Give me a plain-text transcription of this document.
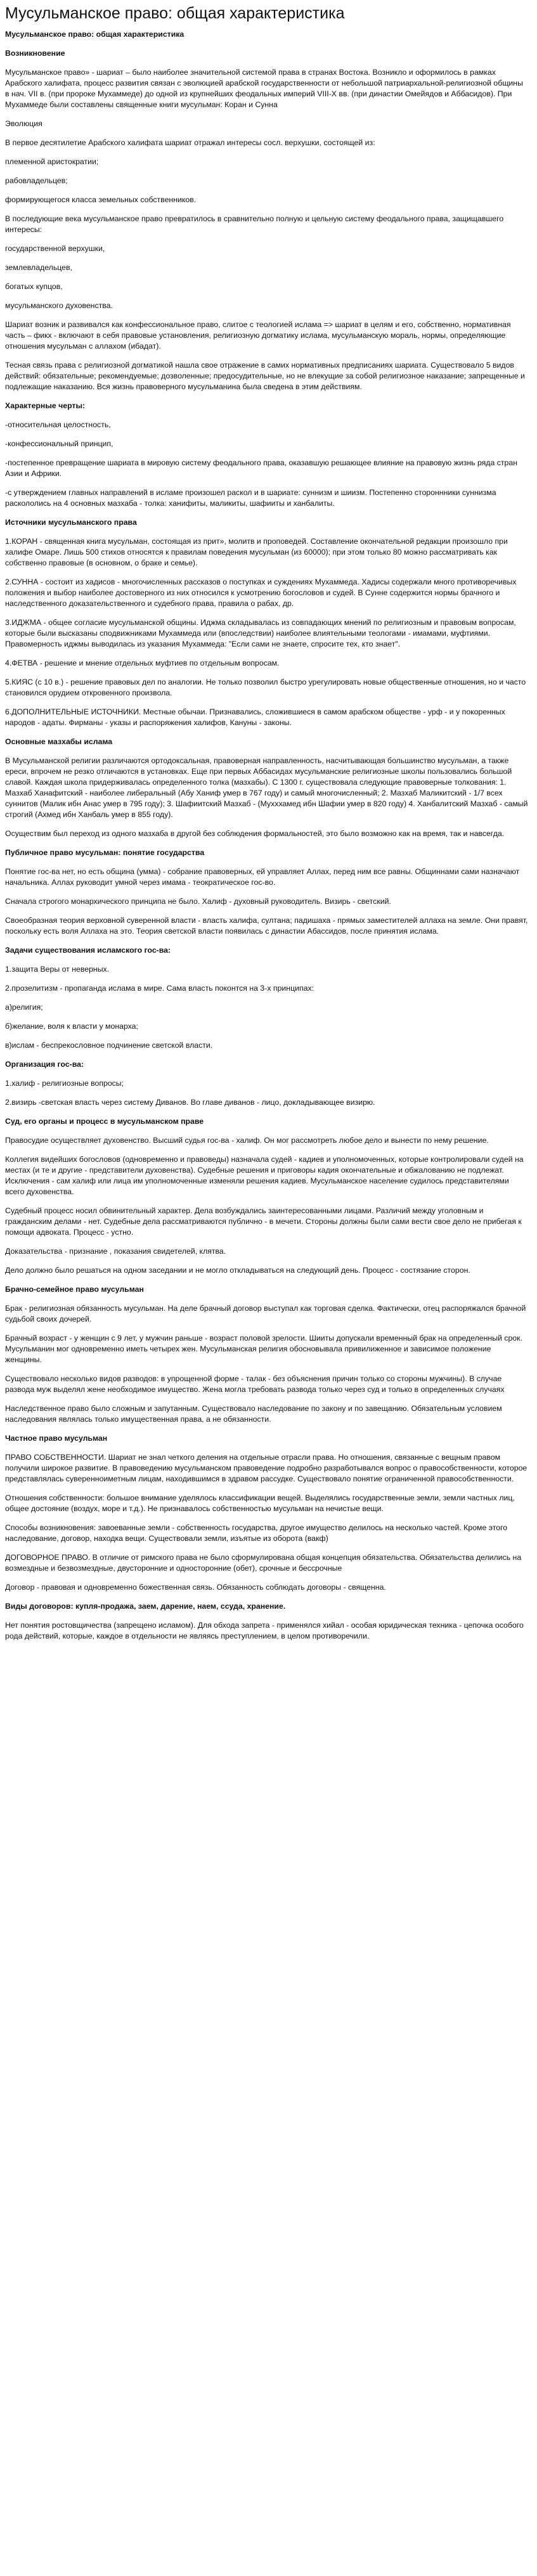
Мусульманское право: общая характеристика

Мусульманское право: общая характеристика

Возникновение

Мусульманское право» - шариат – было наиболее значительной системой права в странах Востока. Возникло и оформилось в рамках Арабского халифата, процесс развития связан с эволюцией арабской государственности от небольшой патриархальной-религиозной общины в нач. VII в. (при пророке Мухаммеде) до одной из крупнейших феодальных империй VIII-X вв. (при династии Омейядов и Аббасидов). При Мухаммеде были составлены священные книги мусульман: Коран и Сунна

Эволюция

В первое десятилетие Арабского халифата шариат отражал интересы сосл. верхушки, состоящей из:

племенной аристократии;

рабовладельцев;

формирующегося класса земельных собственников.

В последующие века мусульманское право превратилось в сравнительно полную и цельную систему феодального права, защищавшего интересы:

государственной верхушки,

землевладельцев,

богатых купцов,

мусульманского духовенства.

Шариат возник и развивался как конфессиональное право, слитое с теологией ислама => шариат в целям и его, собственно, нормативная часть – фикх - включают в себя правовые установления, религиозную догматику ислама, мусульманскую мораль, нормы, определяющие отношения мусульман с аллахом (ибадат).

Тесная связь права с религиозной догматикой нашла свое отражение в самих нормативных предписаниях шариата. Существовало 5 видов действий: обязательные; рекомендуемые; дозволенные; предосудительные, но не влекущие за собой религиозное наказание; запрещенные и подлежащие наказанию. Вся жизнь правоверного мусульманина была сведена в этим действиям.

Характерные черты:

-относительная целостность,

-конфессиональный принцип,

-постепенное превращение шариата в мировую систему феодального права, оказавшую решающее влияние на правовую жизнь ряда стран Азии и Африки.

-с утверждением главных направлений в исламе произошел раскол и в шариате: суннизм и шиизм. Постепенно стороннники суннизма раскололись на 4 основных мазхаба - толка: ханифиты, маликиты, шафииты и ханбалиты.

Источники мусульманского права

1.КОРАН - священная книга мусульман, состоящая из прит», молитв и проповедей. Составление окончательной редакции произошло при халифе Омаре. Лишь 500 стихов относятся к правилам поведения мусульман (из 60000); при этом только 80 можно рассматривать как собственно правовые (в основном, о браке и семье).

2.СУННА - состоит из хадисов - многочисленных рассказов о поступках и суждениях Мухаммеда. Хадисы содержали много противоречивых положения и выбор наиболее достоверного из них относился к уcмотрению богословов и судей. В Сунне содержится нормы брачного и наследственного доказательственного и судебного права, правила о рабах, др.

3.ИДЖМА - общее согласие мусульманской общины. Иджма складывалась из совпадающих мнений по религиозным и правовым вопросам, которые были высказаны сподвижниками Мухаммеда или (впоследствии) наиболее влиятельными теологами - имамами, муфтиями. Правомерность иджмы выводилась из указания Мухаммеда: "Если сами не знаете, спросите тех, кто знает".

4.ФЕТВА - решение и мнение отдельных муфтиев по отдельным вопросам.

5.КИЯС (с 10 в.) - решение правовых дел по аналогии. Не только позволил быстро урегулировать новые общественные отношения, но и часто становился орудием откровенного произвола.

6.ДОПОЛНИТЕЛЬНЫЕ ИСТОЧНИКИ. Местные обычаи. Признавались, сложившиеся в самом арабском обществе - урф - и у покоренных народов - адаты. Фирманы - указы и распоряжения халифов, Кануны - законы.

Основные мазхабы ислама

В Мусульманской религии различаются ортодоксальная, правоверная направленность, насчитывающая большинство мусульман, а также ереси, впрочем не резко отличаются в установках. Еще при первых Аббасидах мусульманские религиозные школы пользовались большой славой. Каждая школа придерживалась определенного толка (мазхабы). С 1300 г. существовала следующие правоверные толкования: 1. Мазхаб Ханафитский - наиболее либеральный (Абу Ханиф умер в 767 году) и самый многочисленный; 2. Мазхаб Маликитский - 1/7 всех суннитов (Малик ибн Анас умер в 795 году); 3. Шафиитский Мазхаб - (Мухххамед ибн Шафии умер в 820 году) 4. Ханбалитский Мазхаб - самый строгий (Ахмед ибн Ханбаль умер в 855 году).

Осуществим был переход из одного мазхаба в другой без соблюдения формальностей, это было возможно как на время, так и навсегда.

Публичное право мусульман: понятие государства

Понятие гос-ва нет, но есть община (умма) - собрание правоверных, ей управляет Аллах, перед ним все равны. Общиннами сами назначают начальника. Аллах руководит умной через имама - теократическое гос-во.

Сначала строгого монархического принципа не было. Халиф - духовный руководитель. Визирь - светский.

Своеобразная теория верховной суверенной власти - власть халифа, султана; падишаха - прямых заместителей аллаха на земле. Они правят, поскольку есть воля Аллаха на это. Теория светской власти появилась с династии Абассидов, после принятия ислама.

Задачи существования исламского гос-ва:

1.защита Веры от неверных.

2.прозелитизм - пропаганда ислама в мире. Сама власть поконтся на 3-х принципах:

а)религия;

б)желание, воля к власти у монарха;

в)ислам - беспрекословное подчинение светской власти.

Организация гос-ва:

1.халиф - религиозные вопросы;

2.визирь -светская власть через систему Диванов. Во главе диванов - лицо, докладывающее визирю.

Суд, его органы и процесс в мусульманском праве

Правосудие осуществляет духовенство. Высший судья гос-ва - халиф. Он мог рассмотреть любое дело и вынести по нему решение.

Коллегия видейших богословов (одновременно и правоведы) назначала судей - кадиев и уполномоченных, которые контролировали судей на местах (и те и другие - представители духовенства). Судебные решения и приговоры кадия окончательные и обжалованию не подлежат. Исключения - сам халиф или лица им уполномоченные изменяли решения кадиев. Мусульманское население судилось представителями всего духовенства.

Судебный процесс носил обвинительный характер. Дела возбуждались заинтересованными лицами. Различий между уголовным и гражданским делами - нет. Судебные дела рассматриваются публично - в мечети. Стороны должны были сами вести свое дело не прибегая к помощи адвоката. Процесс - устно.

Доказательства - признание , показания свидетелей, клятва.

Дело должно было решаться на одном заседании и не могло откладываться на следующий день. Процесс - состязание сторон.

Брачно-семейное право мусульман

Брак - религиозная обязанность мусульман. На деле брачный договор выступал как торговая сделка. Фактически, отец распоряжался брачной судьбой своих дочерей.

Брачный возраст - у женщин с 9 лет, у мужчин раньше - возраст половой зрелости. Шииты допускали временный брак на определенный срок. Мусульманин мог одновременно иметь четырех жен. Мусульманская религия обосновывала привилиженное и зависимое положение женщины.

Существовало несколько видов разводов: в упрощенной форме - талак - без объяснения причин только со стороны мужчины). В случае развода муж выделял жене необходимое имущество. Жена могла требовать развода только через суд и только в определенных случаях

Наследственное право было сложным и запутанным. Существовало наследование по закону и по завещанию. Обязательным условием наследования являлась только имущественная права, а не обязанности.

Частное право мусульман

ПРАВО СОБСТВЕННОСТИ. Шариат не знал четкого деления на отдельные отрасли права. Но отношения, связанные с вещным правом получили широкое развитие. В правоведению мусульманском правоведение подробно разработывался вопрос о правособственности, которое представлялась суверенноиметным лицам, находившимся в здравом рассудке. Существовало понятие ограниченной правособственности.

Отношения собственности: большое внимание уделялось классификации вещей. Выделялись государственные земли, земли частных лиц, общее достояние (воздух, море и т.д.). Не признавалось собственностью мусульман на нечистые вещи.

Способы возникновения: завоеванные земли - собственность государства, другое имущество делилось на несколько частей. Кроме этого наследование, договор, находка вещи. Существовали земли, изъятые из оборота (вакф)

ДОГОВОРНОЕ ПРАВО. В отличие от римского права не было сформулирована общая концепция обязательства. Обязательства делились на возмездные и безвозмездные, двусторонние и односторонние (обет), срочные и бессрочные

Договор - правовая и одновременно божественная связь. Обязанность соблюдать договоры - священна.

Виды договоров: купля-продажа, заем, дарение, наем, ссуда, хранение.

Нет понятия ростовщичества (запрещено исламом). Для обхода запрета - применялся хийал - особая юридическая техника - цепочка особого рода действий, которые, каждое в отдельности не являясь преступлением, в целом противоречили.
